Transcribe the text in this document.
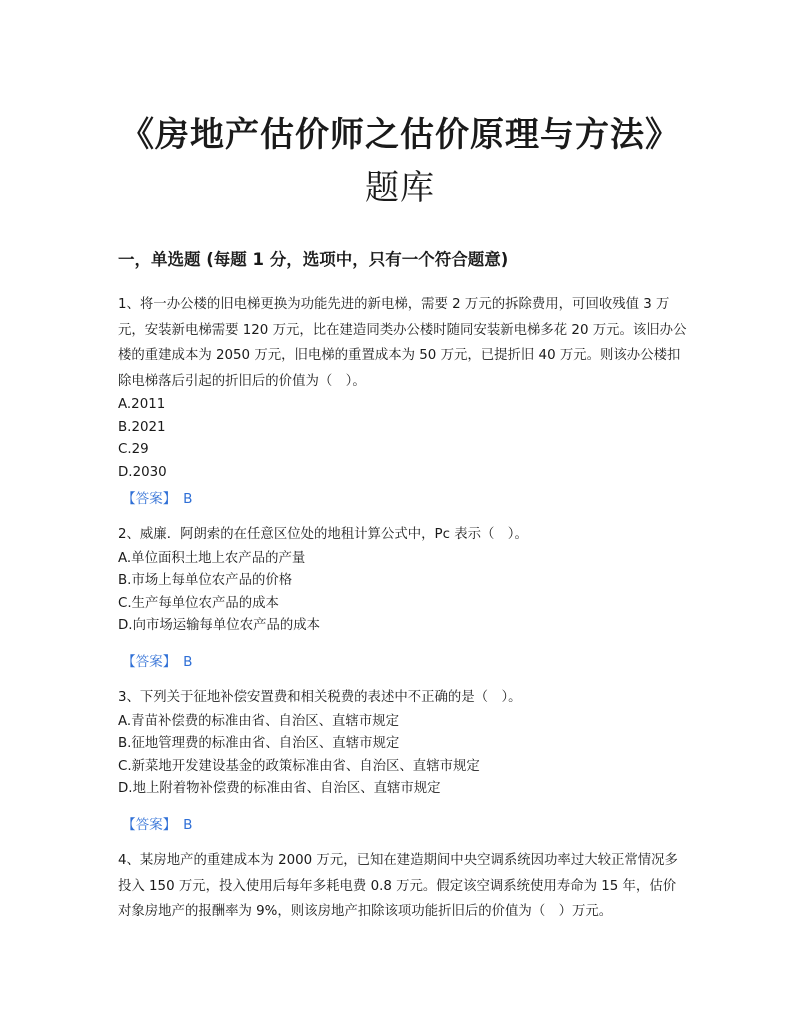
《房地产估价师之估价原理与方法》
题库
一，单选题 (每题 1 分，选项中，只有一个符合题意)

1、将一办公楼的旧电梯更换为功能先进的新电梯，需要 2 万元的拆除费用，可回收残值 3 万元，安装新电梯需要 120 万元，比在建造同类办公楼时随同安装新电梯多花 20 万元。该旧办公楼的重建成本为 2050 万元，旧电梯的重置成本为 50 万元，已提折旧 40 万元。则该办公楼扣除电梯落后引起的折旧后的价值为（　）。

A.2011

B.2021

C.29

D.2030

【答案】　B

2、威廉．阿朗索的在任意区位处的地租计算公式中，Pc 表示（　）。

A.单位面积土地上农产品的产量

B.市场上每单位农产品的价格

C.生产每单位农产品的成本

D.向市场运输每单位农产品的成本

【答案】　B

3、下列关于征地补偿安置费和相关税费的表述中不正确的是（　）。

A.青苗补偿费的标准由省、自治区、直辖市规定

B.征地管理费的标准由省、自治区、直辖市规定

C.新菜地开发建设基金的政策标准由省、自治区、直辖市规定

D.地上附着物补偿费的标准由省、自治区、直辖市规定

【答案】　B

4、某房地产的重建成本为 2000 万元，已知在建造期间中央空调系统因功率过大较正常情况多投入 150 万元，投入使用后每年多耗电费 0.8 万元。假定该空调系统使用寿命为 15 年，估价对象房地产的报酬率为 9%，则该房地产扣除该项功能折旧后的价值为（　）万元。
